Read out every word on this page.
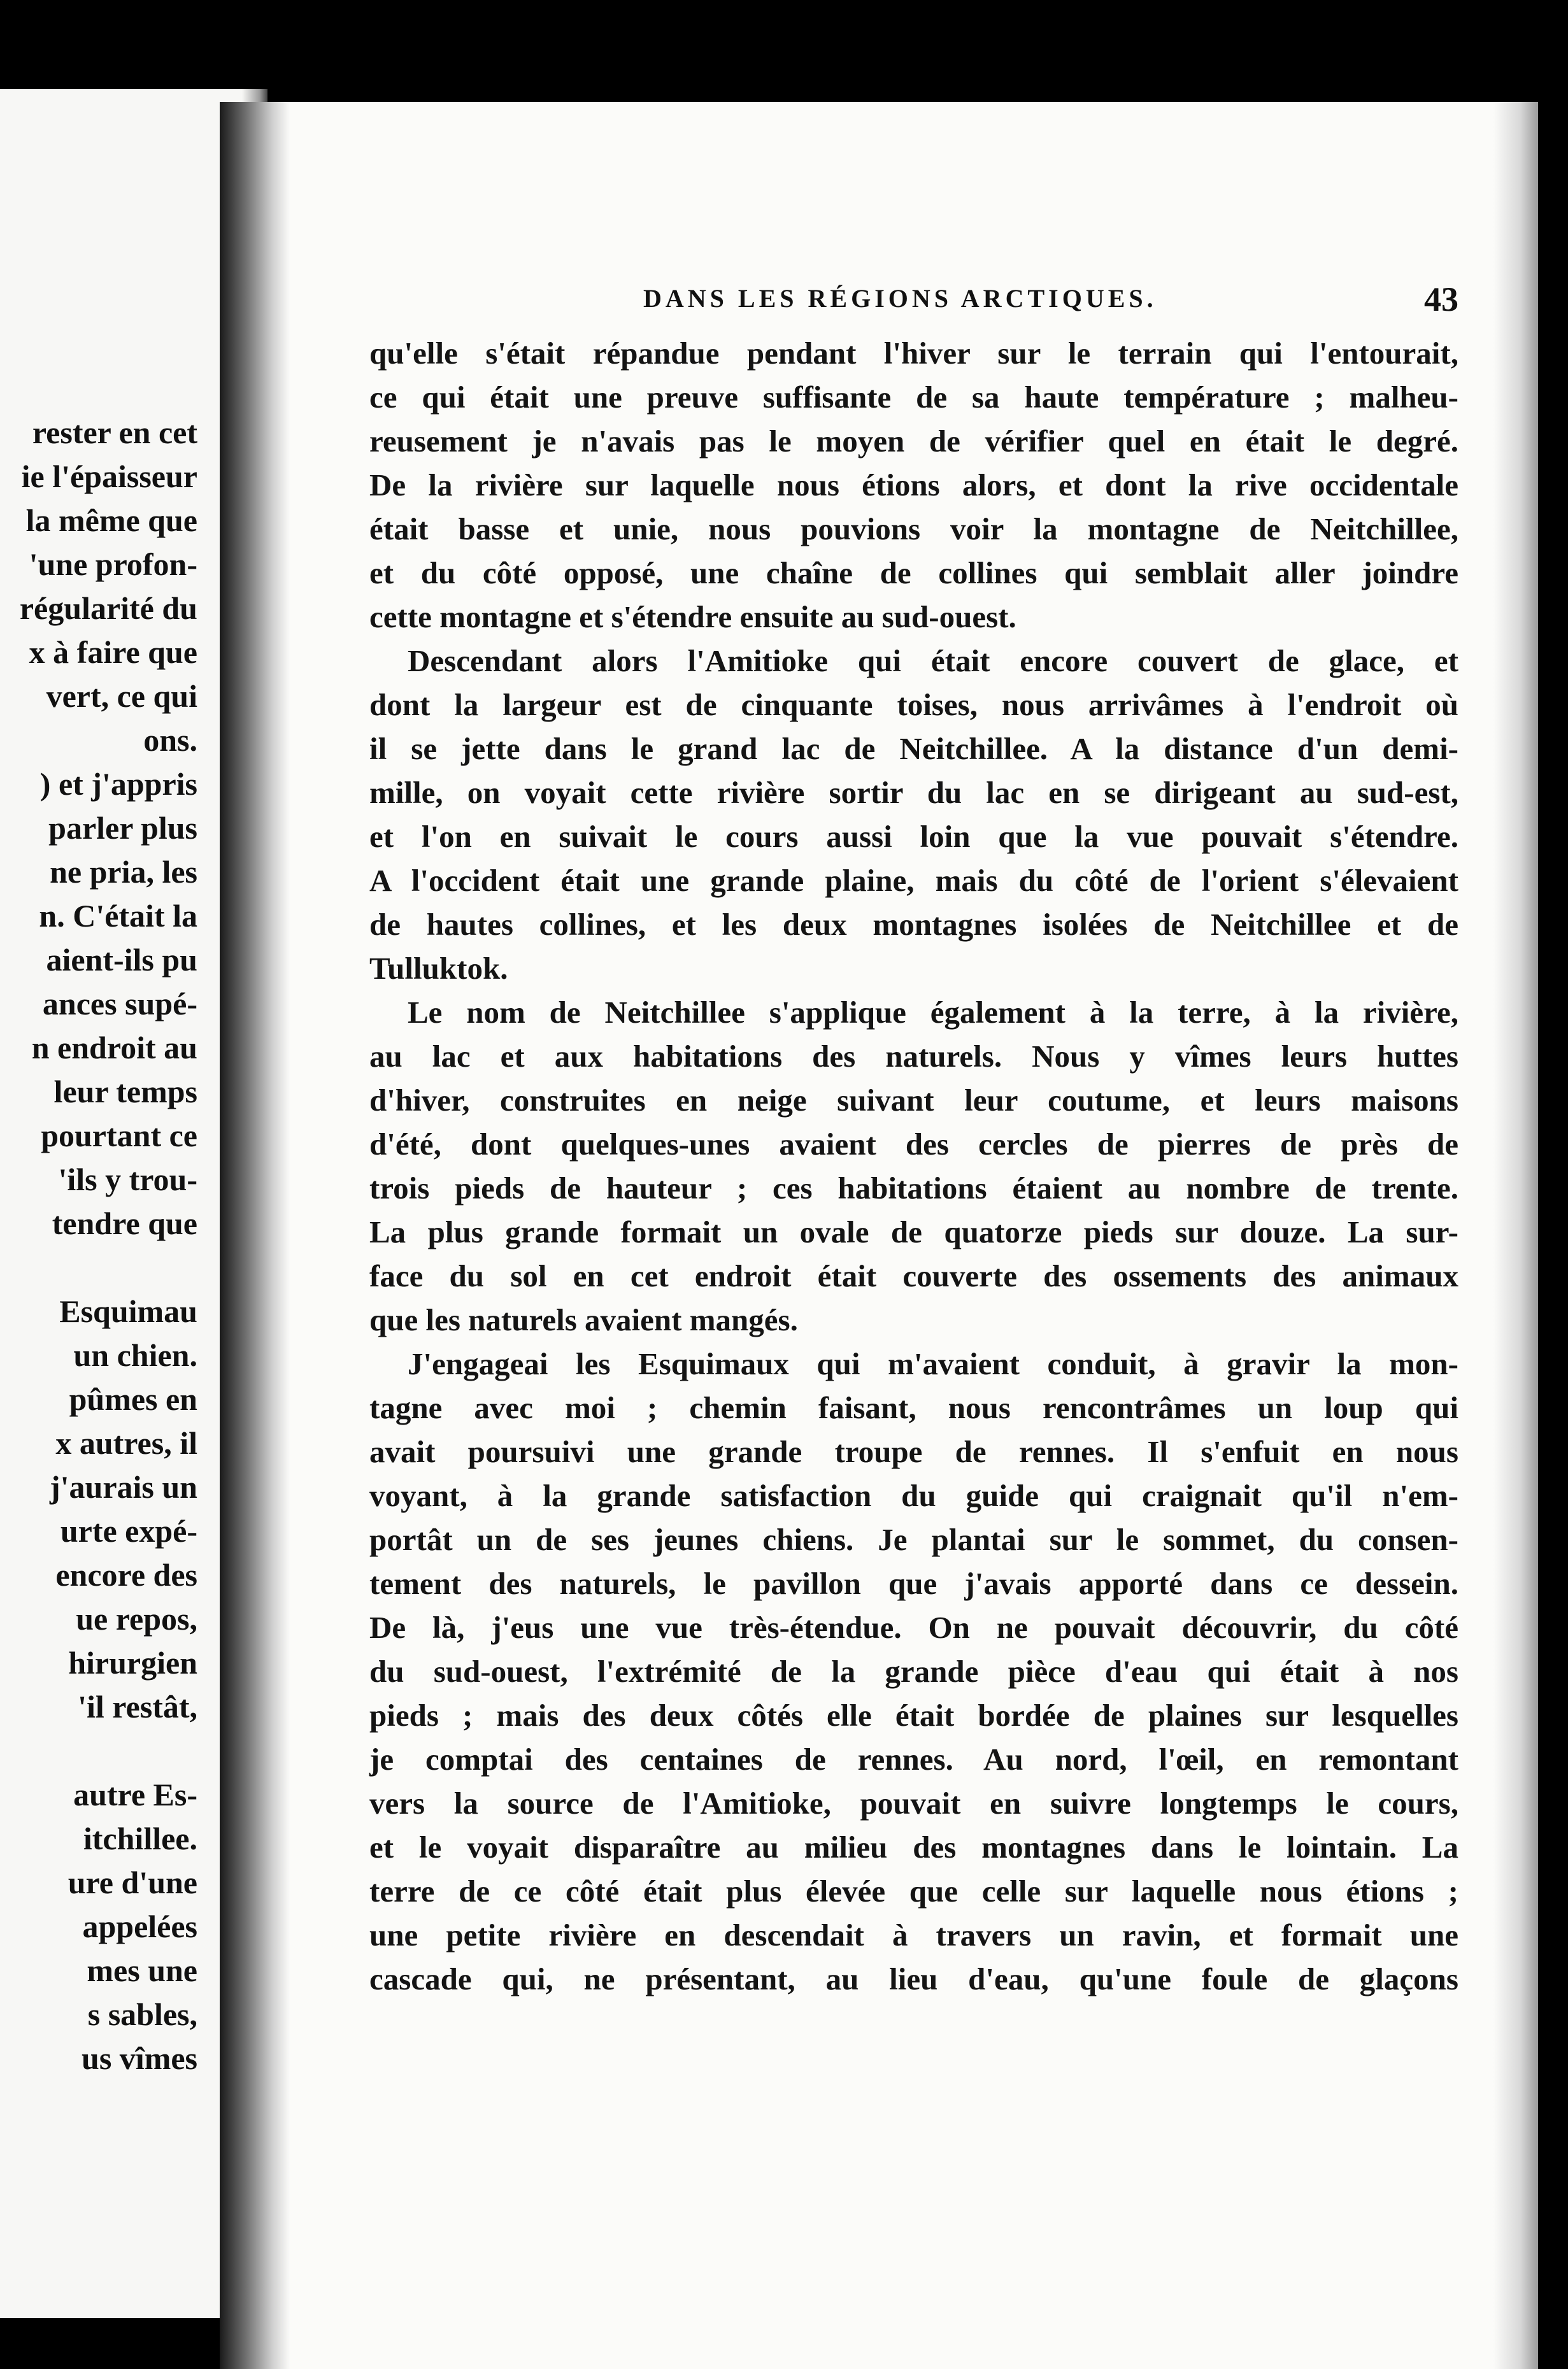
rester en cet
ie l'épaisseur
la même que
'une profon-
régularité du
x à faire que
vert, ce qui
ons.
) et j'appris
parler plus
ne pria, les
n. C'était la
aient-ils pu
ances supé-
n endroit au
leur temps
pourtant ce
'ils y trou-
tendre que
Esquimau
un chien.
pûmes en
x autres, il
j'aurais un
urte expé-
encore des
ue repos,
hirurgien
'il restât,
autre Es-
itchillee.
ure d'une
appelées
mes une
s sables,
us vîmes
DANS LES RÉGIONS ARCTIQUES.	43
qu'elle s'était répandue pendant l'hiver sur le terrain qui l'entourait,
ce qui était une preuve suffisante de sa haute température ; malheu-
reusement je n'avais pas le moyen de vérifier quel en était le degré.
De la rivière sur laquelle nous étions alors, et dont la rive occidentale
était basse et unie, nous pouvions voir la montagne de Neitchillee,
et du côté opposé, une chaîne de collines qui semblait aller joindre
cette montagne et s'étendre ensuite au sud-ouest.
Descendant alors l'Amitioke qui était encore couvert de glace, et
dont la largeur est de cinquante toises, nous arrivâmes à l'endroit où
il se jette dans le grand lac de Neitchillee. A la distance d'un demi-
mille, on voyait cette rivière sortir du lac en se dirigeant au sud-est,
et l'on en suivait le cours aussi loin que la vue pouvait s'étendre.
A l'occident était une grande plaine, mais du côté de l'orient s'élevaient
de hautes collines, et les deux montagnes isolées de Neitchillee et de
Tulluktok.
Le nom de Neitchillee s'applique également à la terre, à la rivière,
au lac et aux habitations des naturels. Nous y vîmes leurs huttes
d'hiver, construites en neige suivant leur coutume, et leurs maisons
d'été, dont quelques-unes avaient des cercles de pierres de près de
trois pieds de hauteur ; ces habitations étaient au nombre de trente.
La plus grande formait un ovale de quatorze pieds sur douze. La sur-
face du sol en cet endroit était couverte des ossements des animaux
que les naturels avaient mangés.
J'engageai les Esquimaux qui m'avaient conduit, à gravir la mon-
tagne avec moi ; chemin faisant, nous rencontrâmes un loup qui
avait poursuivi une grande troupe de rennes. Il s'enfuit en nous
voyant, à la grande satisfaction du guide qui craignait qu'il n'em-
portât un de ses jeunes chiens. Je plantai sur le sommet, du consen-
tement des naturels, le pavillon que j'avais apporté dans ce dessein.
De là, j'eus une vue très-étendue. On ne pouvait découvrir, du côté
du sud-ouest, l'extrémité de la grande pièce d'eau qui était à nos
pieds ; mais des deux côtés elle était bordée de plaines sur lesquelles
je comptai des centaines de rennes. Au nord, l'œil, en remontant
vers la source de l'Amitioke, pouvait en suivre longtemps le cours,
et le voyait disparaître au milieu des montagnes dans le lointain. La
terre de ce côté était plus élevée que celle sur laquelle nous étions ;
une petite rivière en descendait à travers un ravin, et formait une
cascade qui, ne présentant, au lieu d'eau, qu'une foule de glaçons
